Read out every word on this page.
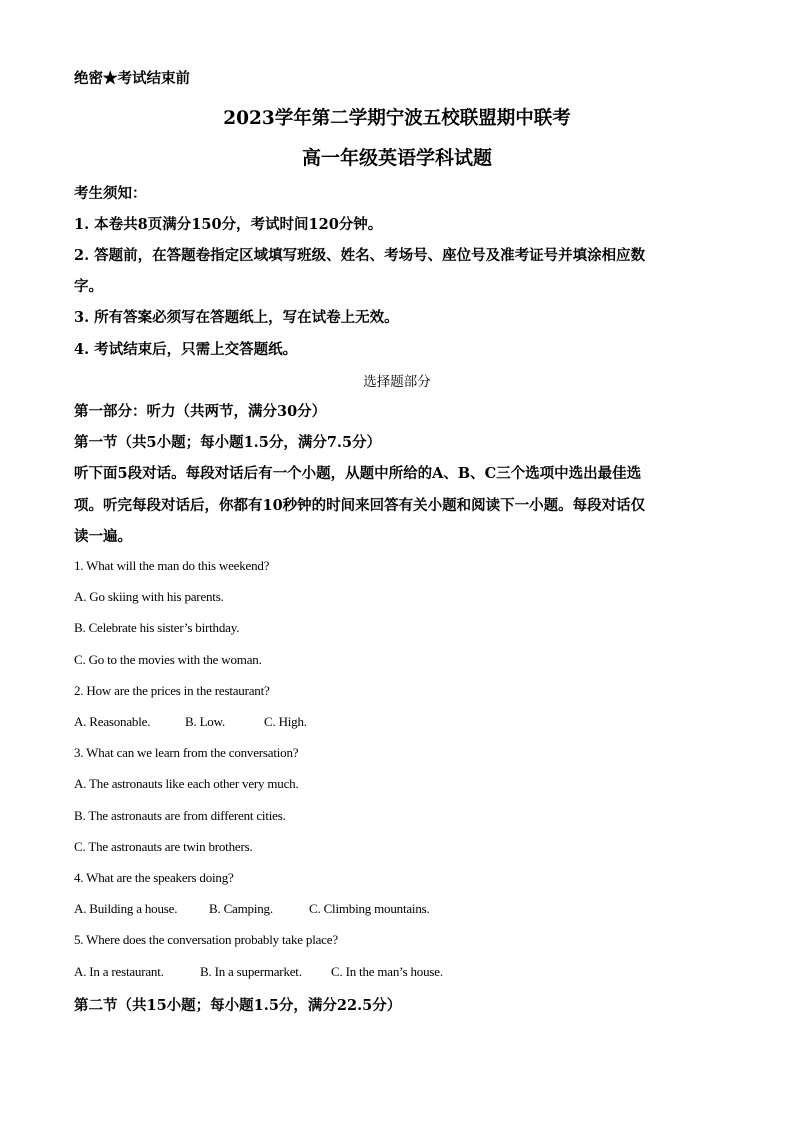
绝密★考试结束前
2023学年第二学期宁波五校联盟期中联考
高一年级英语学科试题
考生须知：
1. 本卷共8页满分150分，考试时间120分钟。
2. 答题前，在答题卷指定区域填写班级、姓名、考场号、座位号及准考证号并填涂相应数
字。
3. 所有答案必须写在答题纸上，写在试卷上无效。
4. 考试结束后，只需上交答题纸。
选择题部分
第一部分：听力（共两节，满分30分）
第一节（共5小题；每小题1.5分，满分7.5分）
听下面5段对话。每段对话后有一个小题，从题中所给的A、B、C三个选项中选出最佳选
项。听完每段对话后，你都有10秒钟的时间来回答有关小题和阅读下一小题。每段对话仅
读一遍。
1. What will the man do this weekend?
A. Go skiing with his parents.
B. Celebrate his sister’s birthday.
C. Go to the movies with the woman.
2. How are the prices in the restaurant?
A. Reasonable.	B. Low.	C. High.
3. What can we learn from the conversation?
A. The astronauts like each other very much.
B. The astronauts are from different cities.
C. The astronauts are twin brothers.
4. What are the speakers doing?
A. Building a house. B. Camping.	C. Climbing mountains.
5. Where does the conversation probably take place?
A. In a restaurant.	B. In a supermarket. C. In the man’s house.
第二节（共15小题；每小题1.5分，满分22.5分）
